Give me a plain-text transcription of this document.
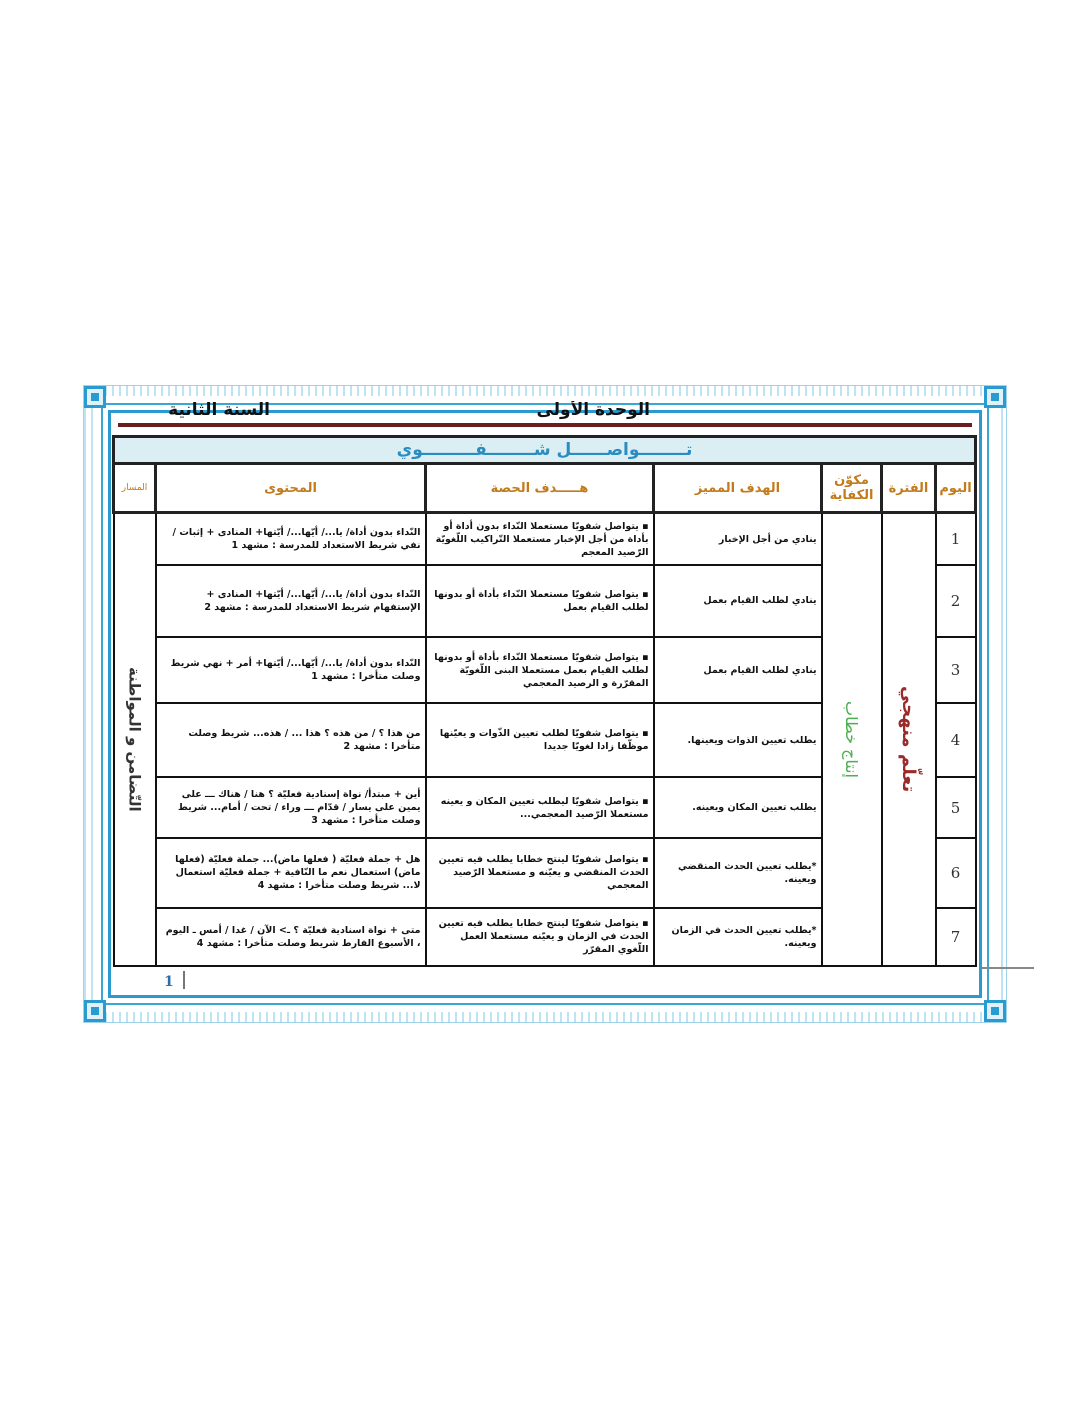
الوحدة الأولى
السنة الثانية
تــــــــواصــــــل شــــــــفـــــــــوي						
اليوم	الفترة	مكوّن الكفاية	الهدف المميز	هـــــدف الحصة	المحتوى	المسار
1	تعلّم منهجي	إنتاج خطاب	ينادي من أجل الإخبار	▪ يتواصل شفويّا مستعملا النّداء بدون أداة أو بأداة من أجل الإخبار مستعملا التّراكيب اللّغويّة الرّصيد المعجم	النّداء بدون أداة/ يا.../ أيّها.../ أيّتها+ المنادى + إثبات / نفي شريط الاستعداد للمدرسة : مشهد 1	التّضامن و المواطنة

2			ينادي لطلب القيام بعمل	▪ يتواصل شفويّا مستعملا النّداء بأداة أو بدونها لطلب القيام بعمل	النّداء بدون أداة/ يا.../ أيّها.../ أيّتها+ المنادى + الإستفهام شريط الاستعداد للمدرسة : مشهد 2	
3			ينادي لطلب القيام بعمل	▪ يتواصل شفويّا مستعملا النّداء بأداة أو بدونها لطلب القيام بعمل مستعملا البنى اللّغويّة المقرّرة و الرصيد المعجمي	النّداء بدون أداة/ يا.../ أيّها.../ أيّتها+ أمر + نهي شريط وصلت متأخرا : مشهد 1	
4			يطلب تعيين الذوات ويعينها.	▪ يتواصل شفويّا لطلب تعيين الذّوات و يعيّنها موظّفا زادا لغويّا جديدا	من هذا ؟ / من هذه ؟ هذا ... / هذه... شريط وصلت متأخرا : مشهد 2	
5			يطلب تعيين المكان ويعينه.	▪ يتواصل شفويّا ليطلب تعيين المكان و يعينه مستعملا الرّصيد المعجمي...	أين + مبتدأ/ نواة إسنادية فعليّة ؟ هنا / هناك ـــ على يمين على يسار / قدّام ـــ وراء / تحت / أمام... شريط وصلت متأخرا : مشهد 3	
6			*يطلب تعيين الحدث المنقضي ويعينه.	▪ يتواصل شفويّا لينتج خطابا يطلب فيه تعيين الحدث المنقضي و يعيّنه و مستعملا الرّصيد المعجمي	هل + جملة فعليّة ( فعلها ماض)... جملة فعليّة (فعلها ماض) استعمال نعم ما النّافية + جملة فعليّة استعمال لا... شريط وصلت متأخرا : مشهد 4	
7			*يطلب تعيين الحدث في الزمان ويعينه.	▪ يتواصل شفويّا لينتج خطابا يطلب فيه تعيين الحدث في الزمان و يعيّنه مستعملا العمل اللّغوي المقرّر	متى + نواة اسنادية فعليّة ؟ ـ> الآن / غدا / أمس ـ اليوم ، الأسبوع الفارط شريط وصلت متأخرا : مشهد 4	
1
